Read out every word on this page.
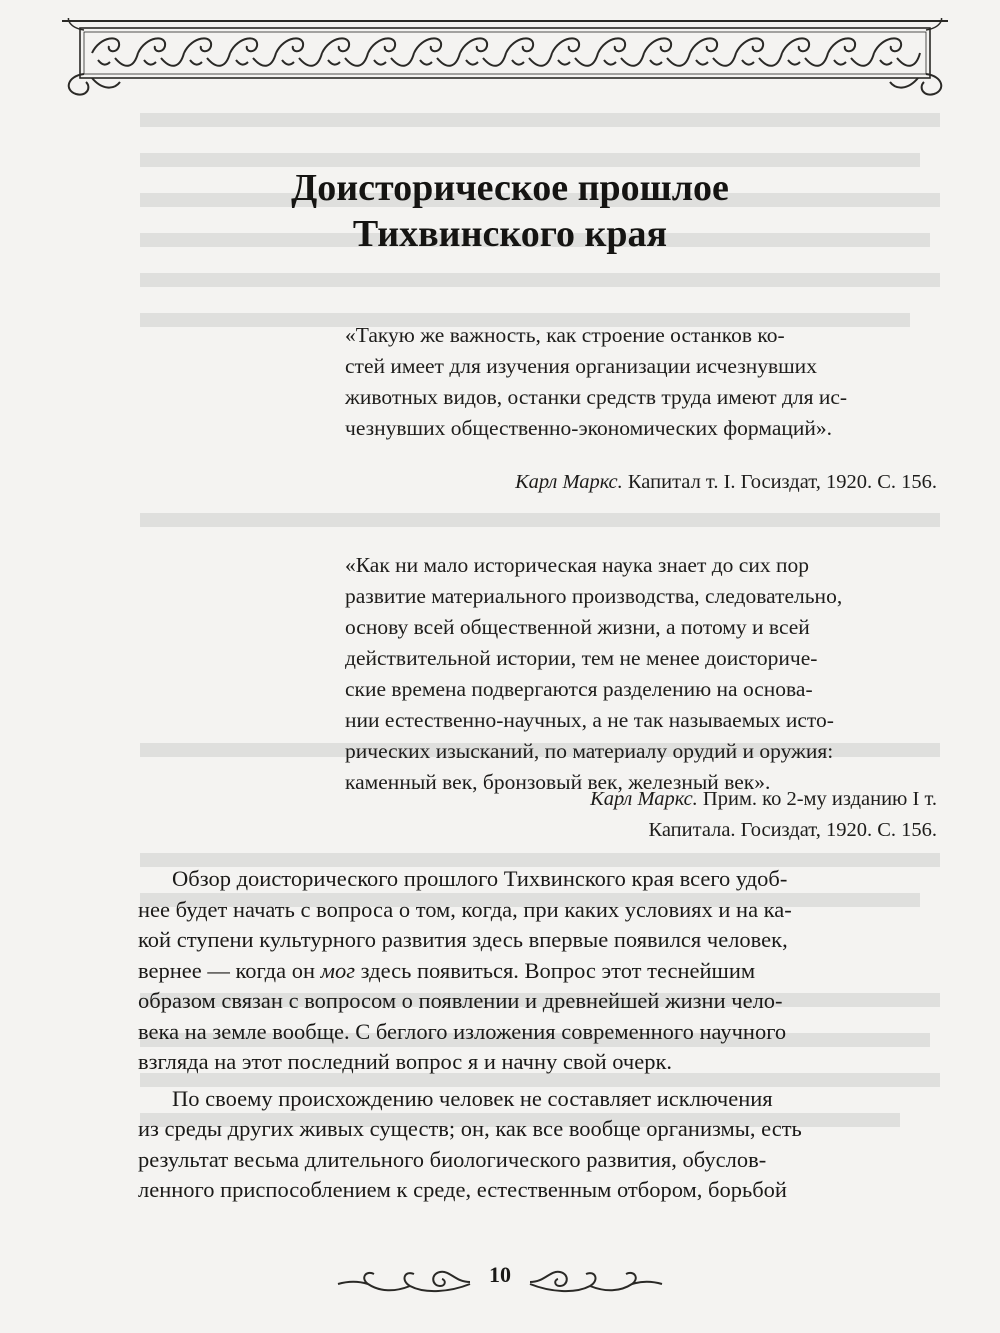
Доисторическое прошлое
Тихвинского края
«Такую же важность, как строение останков ко-
стей имеет для изучения организации исчезнувших
животных видов, останки средств труда имеют для ис-
чезнувших общественно-экономических формаций».
Карл Маркс. Капитал т. I. Госиздат, 1920. С. 156.
«Как ни мало историческая наука знает до сих пор
развитие материального производства, следовательно,
основу всей общественной жизни, а потому и всей
действительной истории, тем не менее доисториче-
ские времена подвергаются разделению на основа-
нии естественно-научных, а не так называемых исто-
рических изысканий, по материалу орудий и оружия:
каменный век, бронзовый век, железный век».
Карл Маркс. Прим. ко 2-му изданию I т.
Капитала. Госиздат, 1920. С. 156.
Обзор доисторического прошлого Тихвинского края всего удоб-
нее будет начать с вопроса о том, когда, при каких условиях и на ка-
кой ступени культурного развития здесь впервые появился человек,
вернее — когда он мог здесь появиться. Вопрос этот теснейшим
образом связан с вопросом о появлении и древнейшей жизни чело-
века на земле вообще. С беглого изложения современного научного
взгляда на этот последний вопрос я и начну свой очерк.
По своему происхождению человек не составляет исключения
из среды других живых существ; он, как все вообще организмы, есть
результат весьма длительного биологического развития, обуслов-
ленного приспособлением к среде, естественным отбором, борьбой
10
